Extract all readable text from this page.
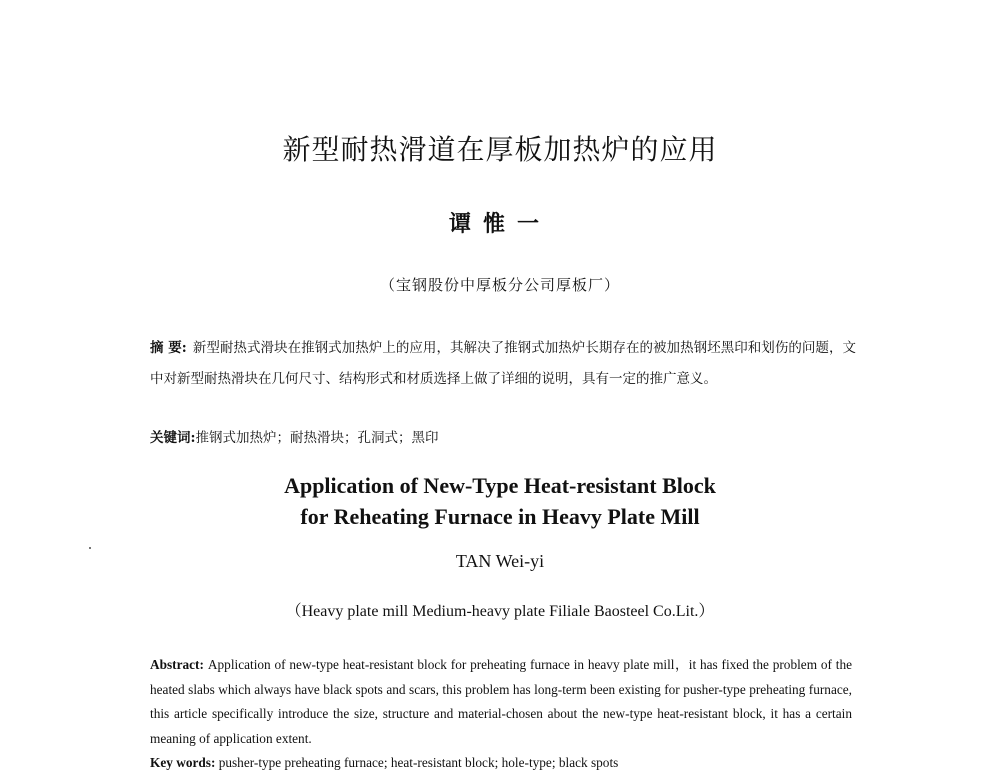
新型耐热滑道在厚板加热炉的应用
谭惟一
（宝钢股份中厚板分公司厚板厂）
摘 要: 新型耐热式滑块在推钢式加热炉上的应用，其解决了推钢式加热炉长期存在的被加热钢坯黑印和划伤的问题，文中对新型耐热滑块在几何尺寸、结构形式和材质选择上做了详细的说明，具有一定的推广意义。
关键词:推钢式加热炉；耐热滑块；孔洞式；黑印
Application of New-Type Heat-resistant Block
for Reheating Furnace in Heavy Plate Mill
TAN Wei-yi
（Heavy plate mill Medium-heavy plate Filiale Baosteel Co.Lit.）
Abstract: Application of new-type heat-resistant block for preheating furnace in heavy plate mill，it has fixed the problem of the heated slabs which always have black spots and scars, this problem has long-term been existing for pusher-type preheating furnace, this article specifically introduce the size, structure and material-chosen about the new-type heat-resistant block, it has a certain meaning of application extent.
Key words: pusher-type preheating furnace; heat-resistant block; hole-type; black spots
